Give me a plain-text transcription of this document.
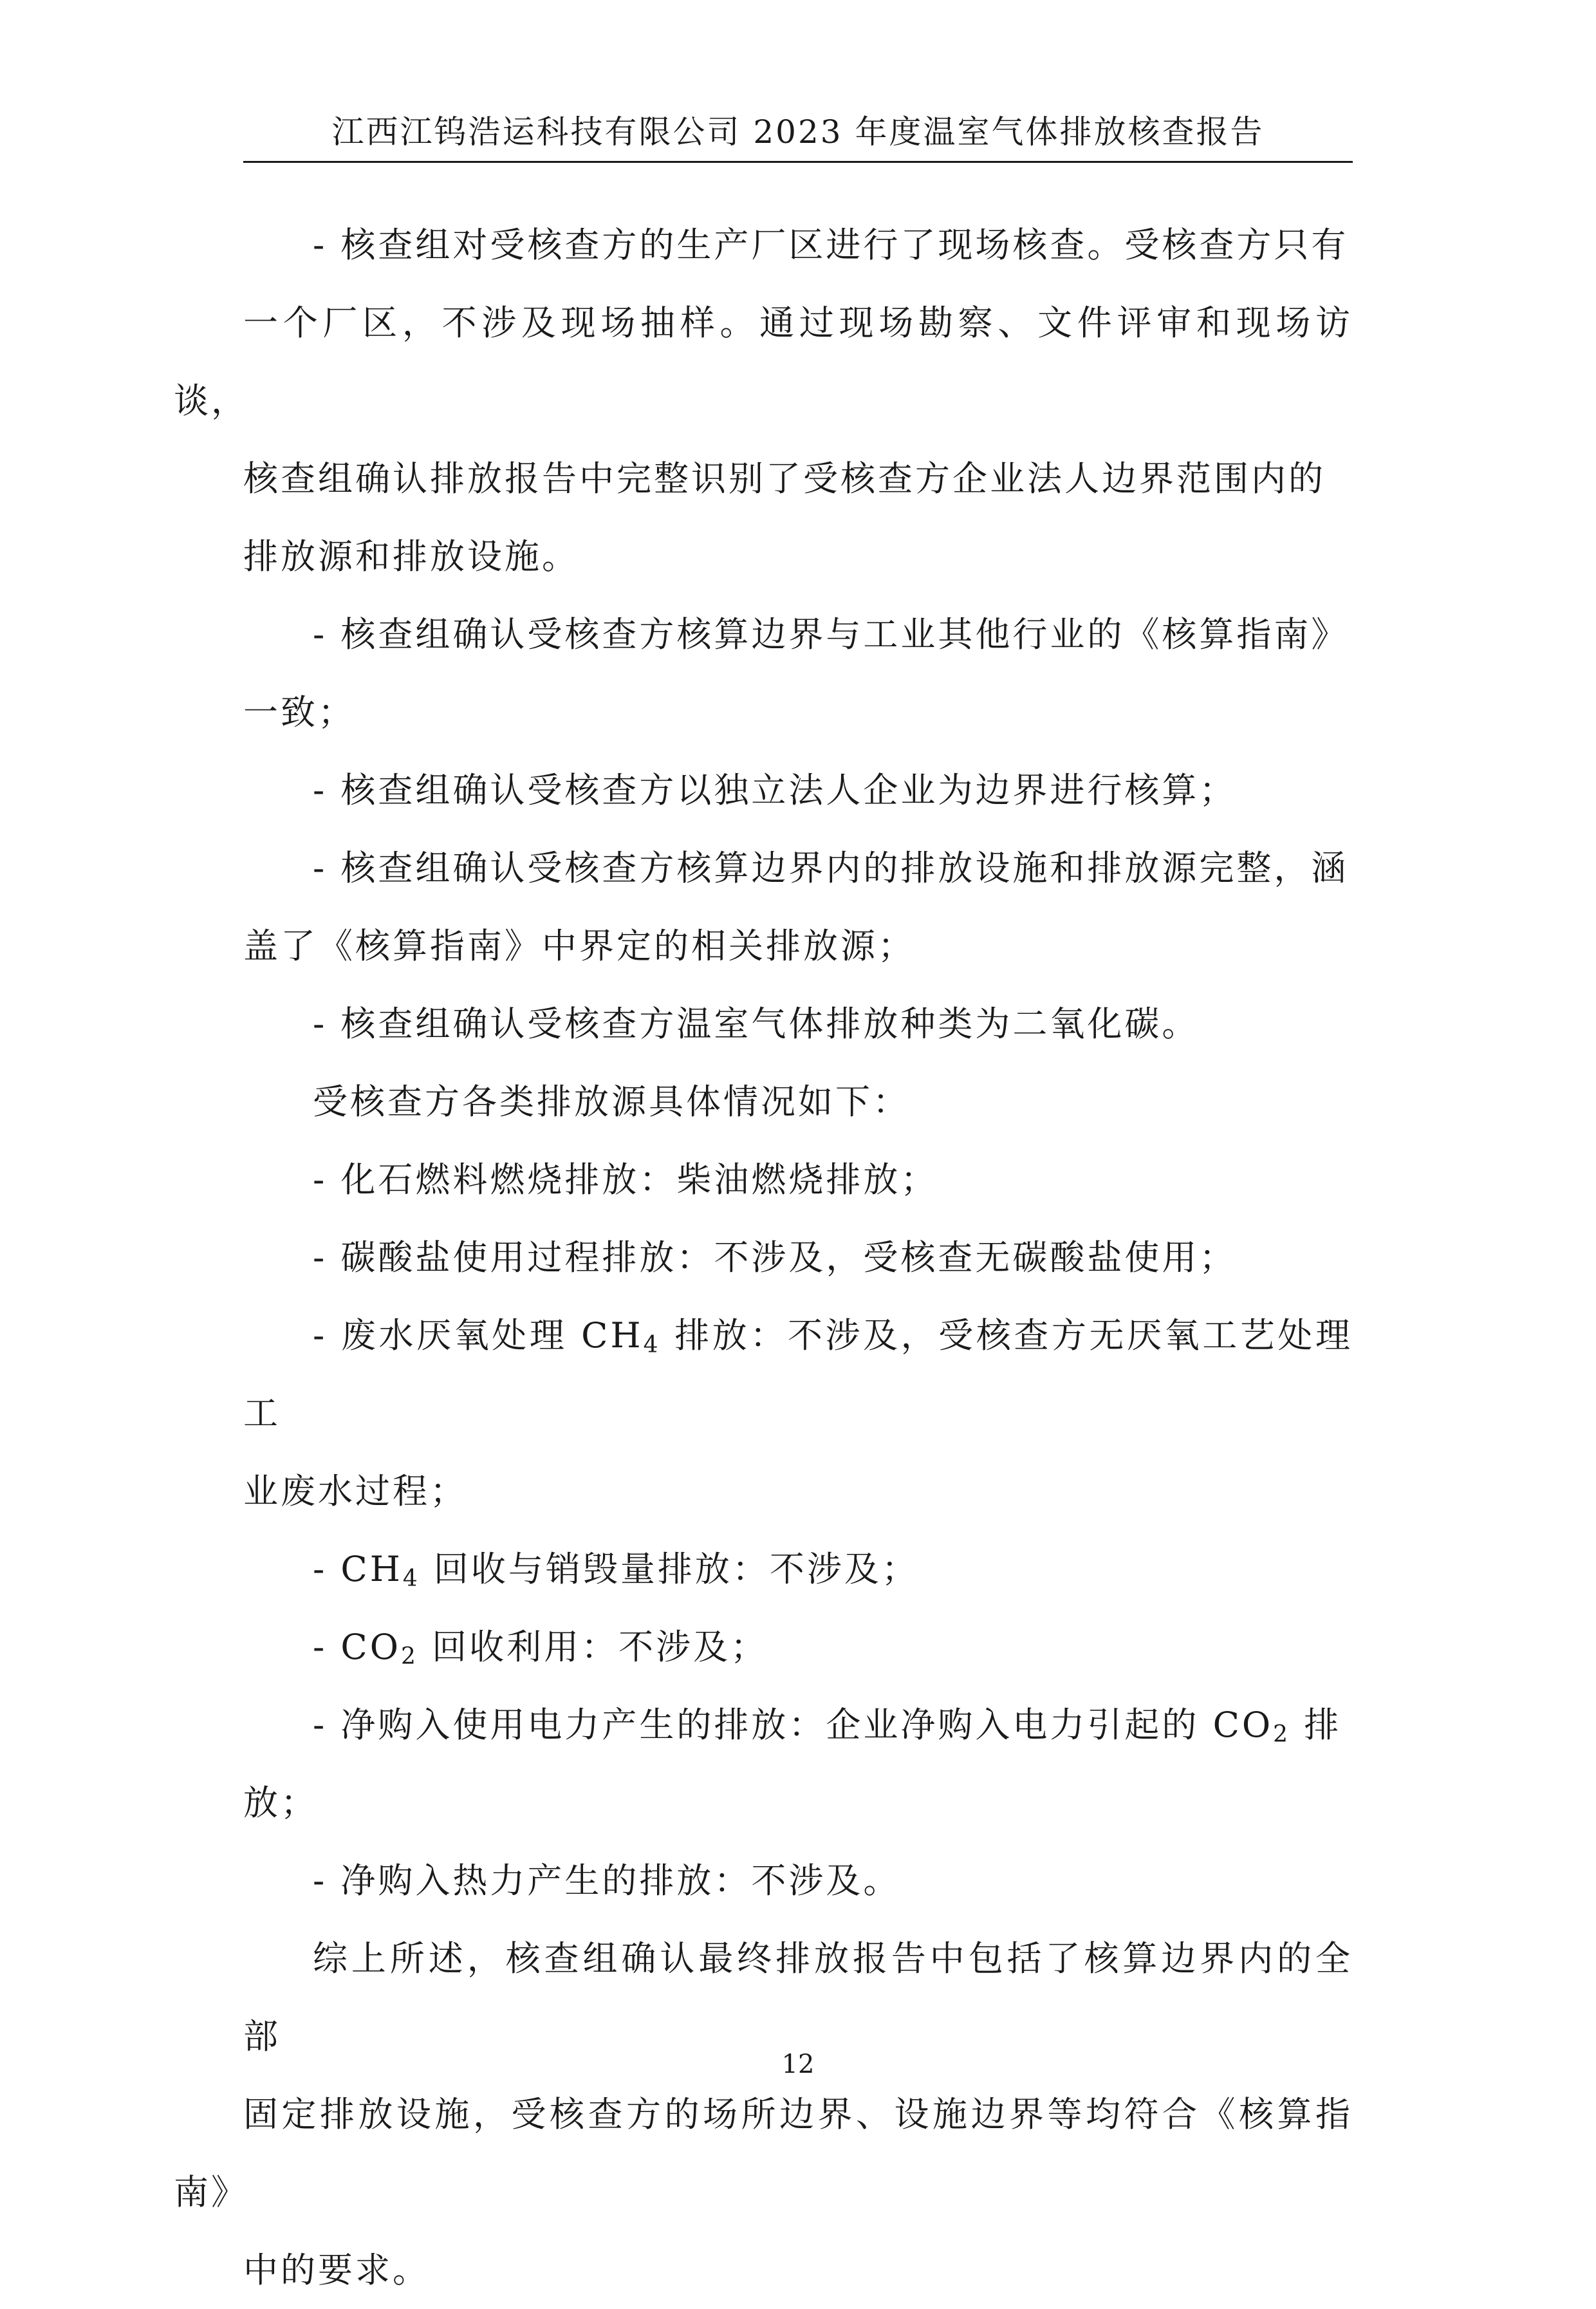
江西江钨浩运科技有限公司 2023 年度温室气体排放核查报告

- 核查组对受核查方的生产厂区进行了现场核查。受核查方只有
一个厂区，不涉及现场抽样。通过现场勘察、文件评审和现场访谈，
核查组确认排放报告中完整识别了受核查方企业法人边界范围内的
排放源和排放设施。

- 核查组确认受核查方核算边界与工业其他行业的《核算指南》
一致；

- 核查组确认受核查方以独立法人企业为边界进行核算；

- 核查组确认受核查方核算边界内的排放设施和排放源完整，涵
盖了《核算指南》中界定的相关排放源；

- 核查组确认受核查方温室气体排放种类为二氧化碳。

受核查方各类排放源具体情况如下：

- 化石燃料燃烧排放：柴油燃烧排放；

- 碳酸盐使用过程排放：不涉及，受核查无碳酸盐使用；

- 废水厌氧处理 $CH_4$ 排放：不涉及，受核查方无厌氧工艺处理工
业废水过程；

- $CH_4$ 回收与销毁量排放：不涉及；

- $CO_2$ 回收利用：不涉及；

- 净购入使用电力产生的排放：企业净购入电力引起的 $CO_2$ 排
放；

- 净购入热力产生的排放：不涉及。

综上所述，核查组确认最终排放报告中包括了核算边界内的全部
固定排放设施，受核查方的场所边界、设施边界等均符合《核算指南》
中的要求。

12
